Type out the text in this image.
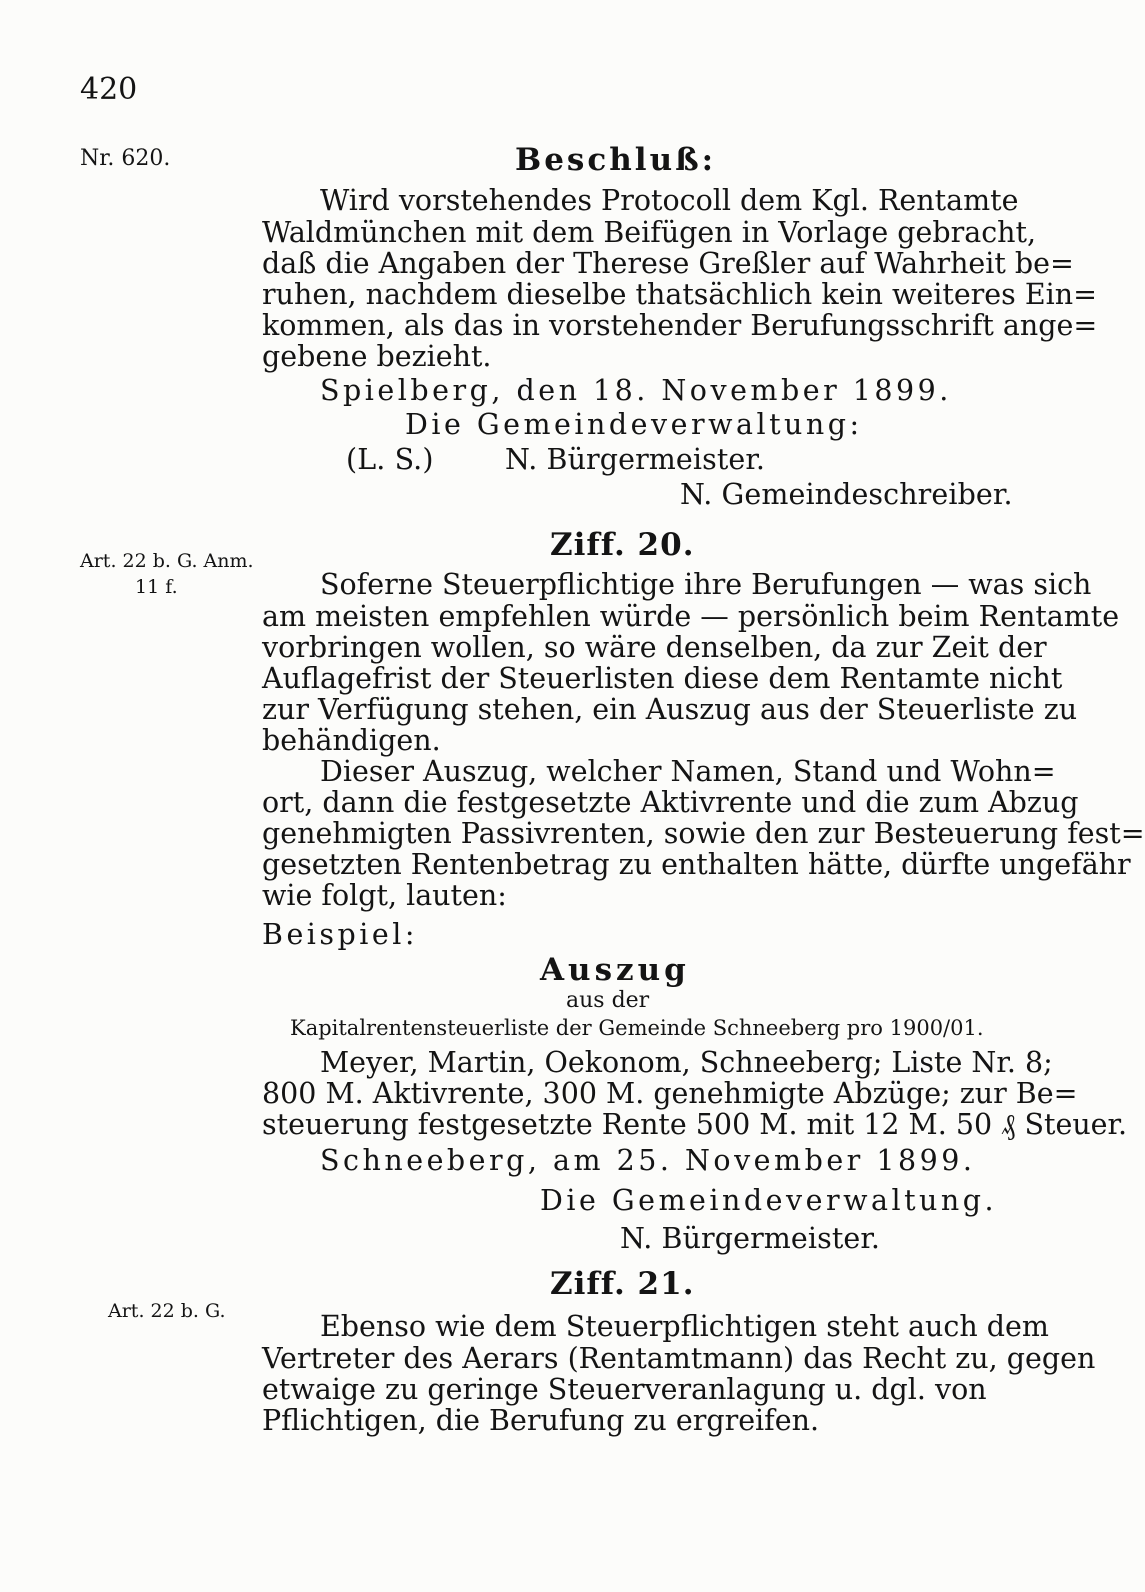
420
Nr. 620.
Art. 22 b. G. Anm.
11 f.
Art. 22 b. G.
Beschluß:
Wird vorstehendes Protocoll dem Kgl. Rentamte
Waldmünchen mit dem Beifügen in Vorlage gebracht,
daß die Angaben der Therese Greßler auf Wahrheit be=
ruhen, nachdem dieselbe thatsächlich kein weiteres Ein=
kommen, als das in vorstehender Berufungsschrift ange=
gebene bezieht.
Spielberg, den 18. November 1899.
Die Gemeindeverwaltung:
(L. S.)	N. Bürgermeister.
N. Gemeindeschreiber.
Ziff. 20.
Soferne Steuerpflichtige ihre Berufungen — was sich
am meisten empfehlen würde — persönlich beim Rentamte
vorbringen wollen, so wäre denselben, da zur Zeit der
Auflagefrist der Steuerlisten diese dem Rentamte nicht
zur Verfügung stehen, ein Auszug aus der Steuerliste zu
behändigen.
Dieser Auszug, welcher Namen, Stand und Wohn=
ort, dann die festgesetzte Aktivrente und die zum Abzug
genehmigten Passivrenten, sowie den zur Besteuerung fest=
gesetzten Rentenbetrag zu enthalten hätte, dürfte ungefähr
wie folgt, lauten:
Beispiel:
Auszug
aus der
Kapitalrentensteuerliste der Gemeinde Schneeberg pro 1900/01.
Meyer, Martin, Oekonom, Schneeberg; Liste Nr. 8;
800 M. Aktivrente, 300 M. genehmigte Abzüge; zur Be=
steuerung festgesetzte Rente 500 M. mit 12 M. 50 ₰ Steuer.
Schneeberg, am 25. November 1899.
Die Gemeindeverwaltung.
N. Bürgermeister.
Ziff. 21.
Ebenso wie dem Steuerpflichtigen steht auch dem
Vertreter des Aerars (Rentamtmann) das Recht zu, gegen
etwaige zu geringe Steuerveranlagung u. dgl. von
Pflichtigen, die Berufung zu ergreifen.
